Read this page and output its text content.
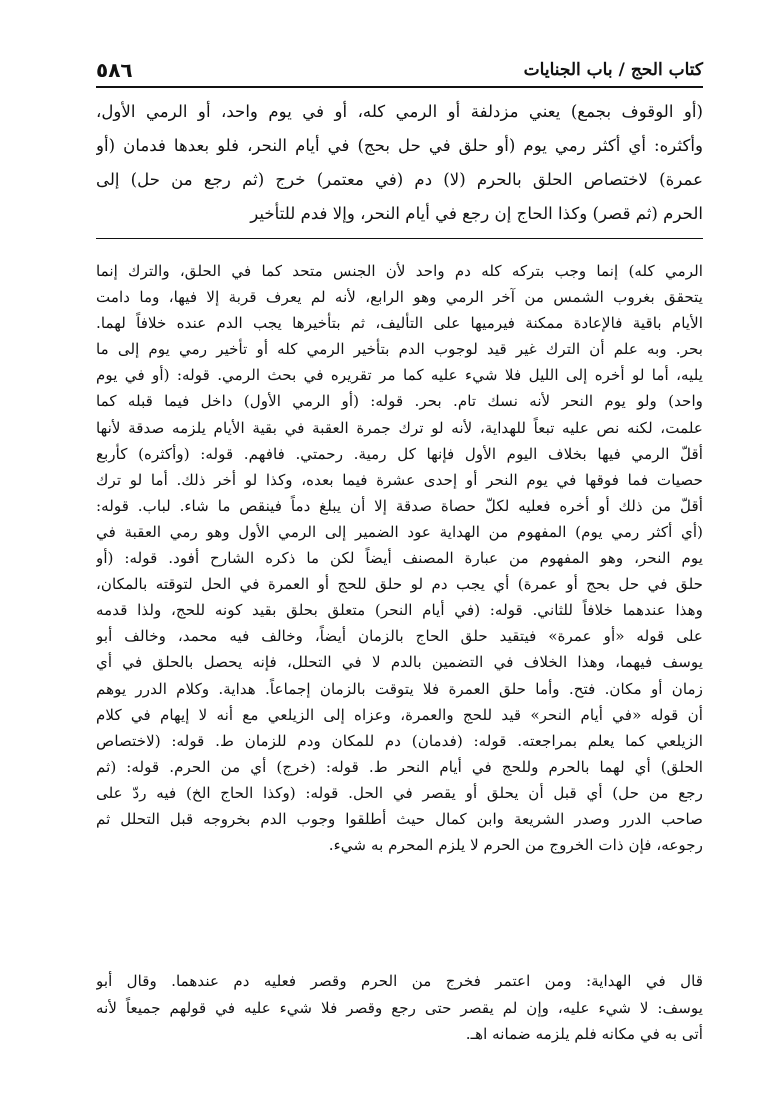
كتاب الحج/باب الجنايات
٥٨٦
(أو الوقوف بجمع) يعني مزدلفة أو الرمي كله، أو في يوم واحد، أو الرمي الأول،
وأكثره: أي أكثر رمي يوم (أو حلق في حل بحج) في أيام النحر، فلو بعدها فدمان (أو
عمرة) لاختصاص الحلق بالحرم (لا) دم (في معتمر) خرج (ثم رجع من حل) إلى
الحرم (ثم قصر) وكذا الحاج إن رجع في أيام النحر، وإلا فدم للتأخير
الرمي كله) إنما وجب بتركه كله دم واحد لأن الجنس متحد كما في الحلق، والترك إنما
يتحقق بغروب الشمس من آخر الرمي وهو الرابع، لأنه لم يعرف قربة إلا فيها، وما دامت
الأيام باقية فالإعادة ممكنة فيرميها على التأليف، ثم بتأخيرها يجب الدم عنده خلافاً لهما.
بحر. وبه علم أن الترك غير قيد لوجوب الدم بتأخير الرمي كله أو تأخير رمي يوم إلى ما
يليه، أما لو أخره إلى الليل فلا شيء عليه كما مر تقريره في بحث الرمي. قوله: (أو في يوم
واحد) ولو يوم النحر لأنه نسك تام. بحر. قوله: (أو الرمي الأول) داخل فيما قبله كما
علمت، لكنه نص عليه تبعاً للهداية، لأنه لو ترك جمرة العقبة في بقية الأيام يلزمه صدقة لأنها
أقلّ الرمي فيها بخلاف اليوم الأول فإنها كل رمية. رحمتي. فافهم. قوله: (وأكثره) كأربع
حصيات فما فوقها في يوم النحر أو إحدى عشرة فيما بعده، وكذا لو أخر ذلك. أما لو ترك
أقلّ من ذلك أو أخره فعليه لكلّ حصاة صدقة إلا أن يبلغ دماً فينقص ما شاء. لباب. قوله:
(أي أكثر رمي يوم) المفهوم من الهداية عود الضمير إلى الرمي الأول وهو رمي العقبة في
يوم النحر، وهو المفهوم من عبارة المصنف أيضاً لكن ما ذكره الشارح أفود. قوله: (أو
حلق في حل بحج أو عمرة) أي يجب دم لو حلق للحج أو العمرة في الحل لتوقته بالمكان،
وهذا عندهما خلافاً للثاني. قوله: (في أيام النحر) متعلق بحلق بقيد كونه للحج، ولذا قدمه
على قوله «أو عمرة» فيتقيد حلق الحاج بالزمان أيضاً، وخالف فيه محمد، وخالف أبو
يوسف فيهما، وهذا الخلاف في التضمين بالدم لا في التحلل، فإنه يحصل بالحلق في أي
زمان أو مكان. فتح. وأما حلق العمرة فلا يتوقت بالزمان إجماعاً. هداية. وكلام الدرر يوهم
أن قوله «في أيام النحر» قيد للحج والعمرة، وعزاه إلى الزيلعي مع أنه لا إيهام في كلام
الزيلعي كما يعلم بمراجعته. قوله: (فدمان) دم للمكان ودم للزمان ط. قوله: (لاختصاص
الحلق) أي لهما بالحرم وللحج في أيام النحر ط. قوله: (خرج) أي من الحرم. قوله: (ثم
رجع من حل) أي قبل أن يحلق أو يقصر في الحل. قوله: (وكذا الحاج الخ) فيه ردّ على
صاحب الدرر وصدر الشريعة وابن كمال حيث أطلقوا وجوب الدم بخروجه قبل التحلل ثم
رجوعه، فإن ذات الخروج من الحرم لا يلزم المحرم به شيء.
قال في الهداية: ومن اعتمر فخرج من الحرم وقصر فعليه دم عندهما. وقال أبو
يوسف: لا شيء عليه، وإن لم يقصر حتى رجع وقصر فلا شيء عليه في قولهم جميعاً لأنه
أتى به في مكانه فلم يلزمه ضمانه اهـ.
